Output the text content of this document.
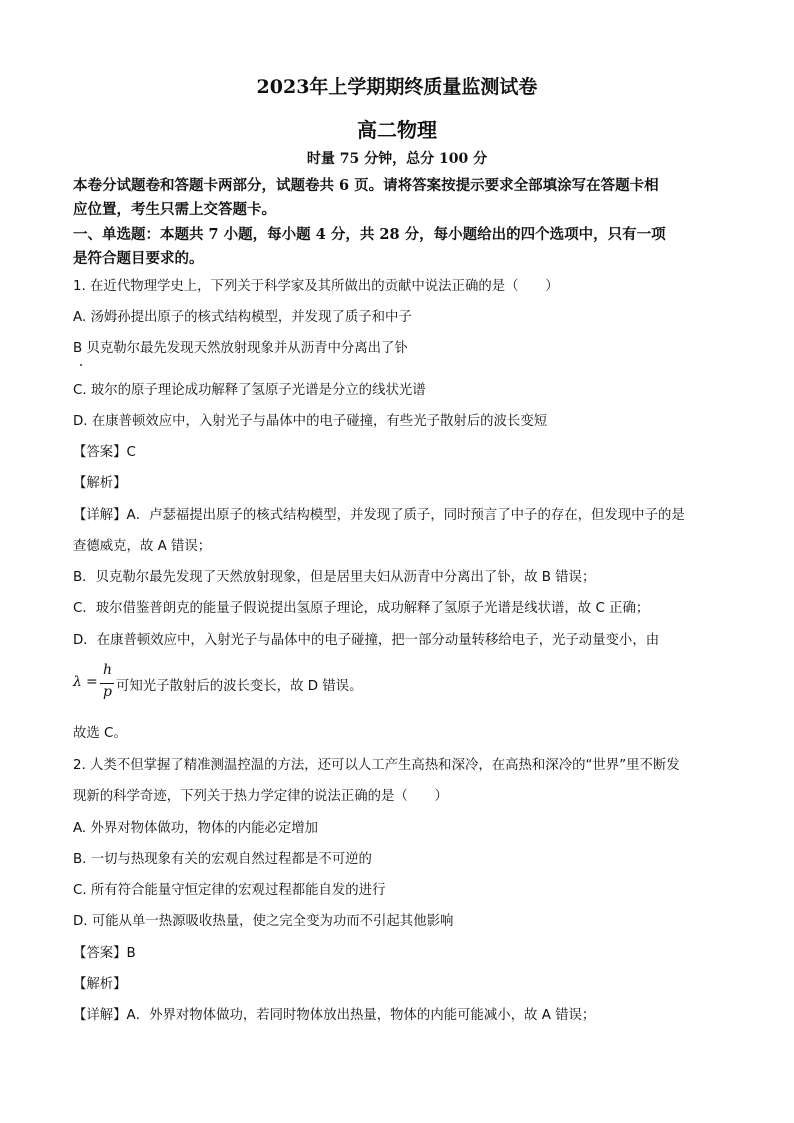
2023年上学期期终质量监测试卷
高二物理
时量 75 分钟，总分 100 分
本卷分试题卷和答题卡两部分，试题卷共 6 页。请将答案按提示要求全部填涂写在答题卡相
应位置，考生只需上交答题卡。
一、单选题：本题共 7 小题，每小题 4 分，共 28 分，每小题给出的四个选项中，只有一项
是符合题目要求的。
1. 在近代物理学史上，下列关于科学家及其所做出的贡献中说法正确的是（　　）
A. 汤姆孙提出原子的核式结构模型，并发现了质子和中子
B 贝克勒尔最先发现天然放射现象并从沥青中分离出了钋
C. 玻尔的原子理论成功解释了氢原子光谱是分立的线状光谱
D. 在康普顿效应中，入射光子与晶体中的电子碰撞，有些光子散射后的波长变短
【答案】C
【解析】
【详解】A．卢瑟福提出原子的核式结构模型，并发现了质子，同时预言了中子的存在，但发现中子的是
查德威克，故 A 错误；
B．贝克勒尔最先发现了天然放射现象，但是居里夫妇从沥青中分离出了钋，故 B 错误；
C．玻尔借鉴普朗克的能量子假说提出氢原子理论，成功解释了氢原子光谱是线状谱，故 C 正确；
D．在康普顿效应中，入射光子与晶体中的电子碰撞，把一部分动量转移给电子，光子动量变小，由
λ =
h
p 可知光子散射后的波长变长，故 D 错误。
故选 C。
2. 人类不但掌握了精准测温控温的方法，还可以人工产生高热和深冷，在高热和深冷的“世界”里不断发
现新的科学奇迹，下列关于热力学定律的说法正确的是（　　）
A. 外界对物体做功，物体的内能必定增加
B. 一切与热现象有关的宏观自然过程都是不可逆的
C. 所有符合能量守恒定律的宏观过程都能自发的进行
D. 可能从单一热源吸收热量，使之完全变为功而不引起其他影响
【答案】B
【解析】
【详解】A．外界对物体做功，若同时物体放出热量，物体的内能可能减小，故 A 错误；
